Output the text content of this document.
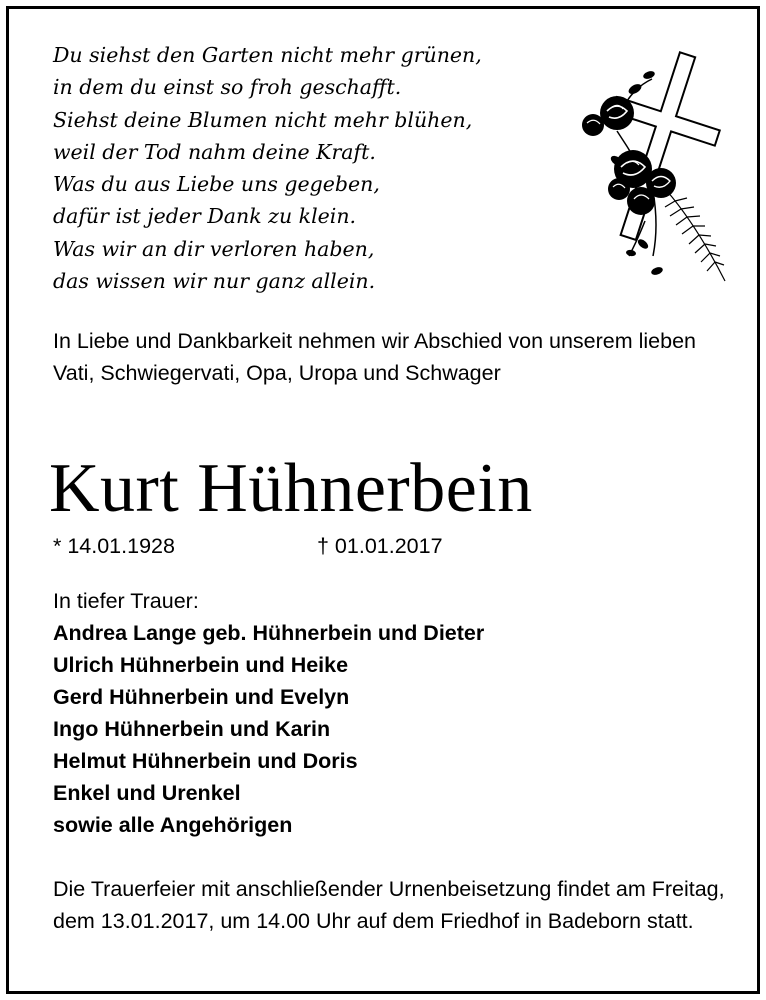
Du siehst den Garten nicht mehr grünen,
in dem du einst so froh geschafft.
Siehst deine Blumen nicht mehr blühen,
weil der Tod nahm deine Kraft.
Was du aus Liebe uns gegeben,
dafür ist jeder Dank zu klein.
Was wir an dir verloren haben,
das wissen wir nur ganz allein.
In Liebe und Dankbarkeit nehmen wir Abschied von unserem lieben Vati, Schwiegervati, Opa, Uropa und Schwager
Kurt Hühnerbein
* 14.01.1928	† 01.01.2017
In tiefer Trauer:
Andrea Lange geb. Hühnerbein und Dieter
Ulrich Hühnerbein und Heike
Gerd Hühnerbein und Evelyn
Ingo Hühnerbein und Karin
Helmut Hühnerbein und Doris
Enkel und Urenkel
sowie alle Angehörigen
Die Trauerfeier mit anschließender Urnenbeisetzung findet am Freitag, dem 13.01.2017, um 14.00 Uhr auf dem Friedhof in Badeborn statt.
